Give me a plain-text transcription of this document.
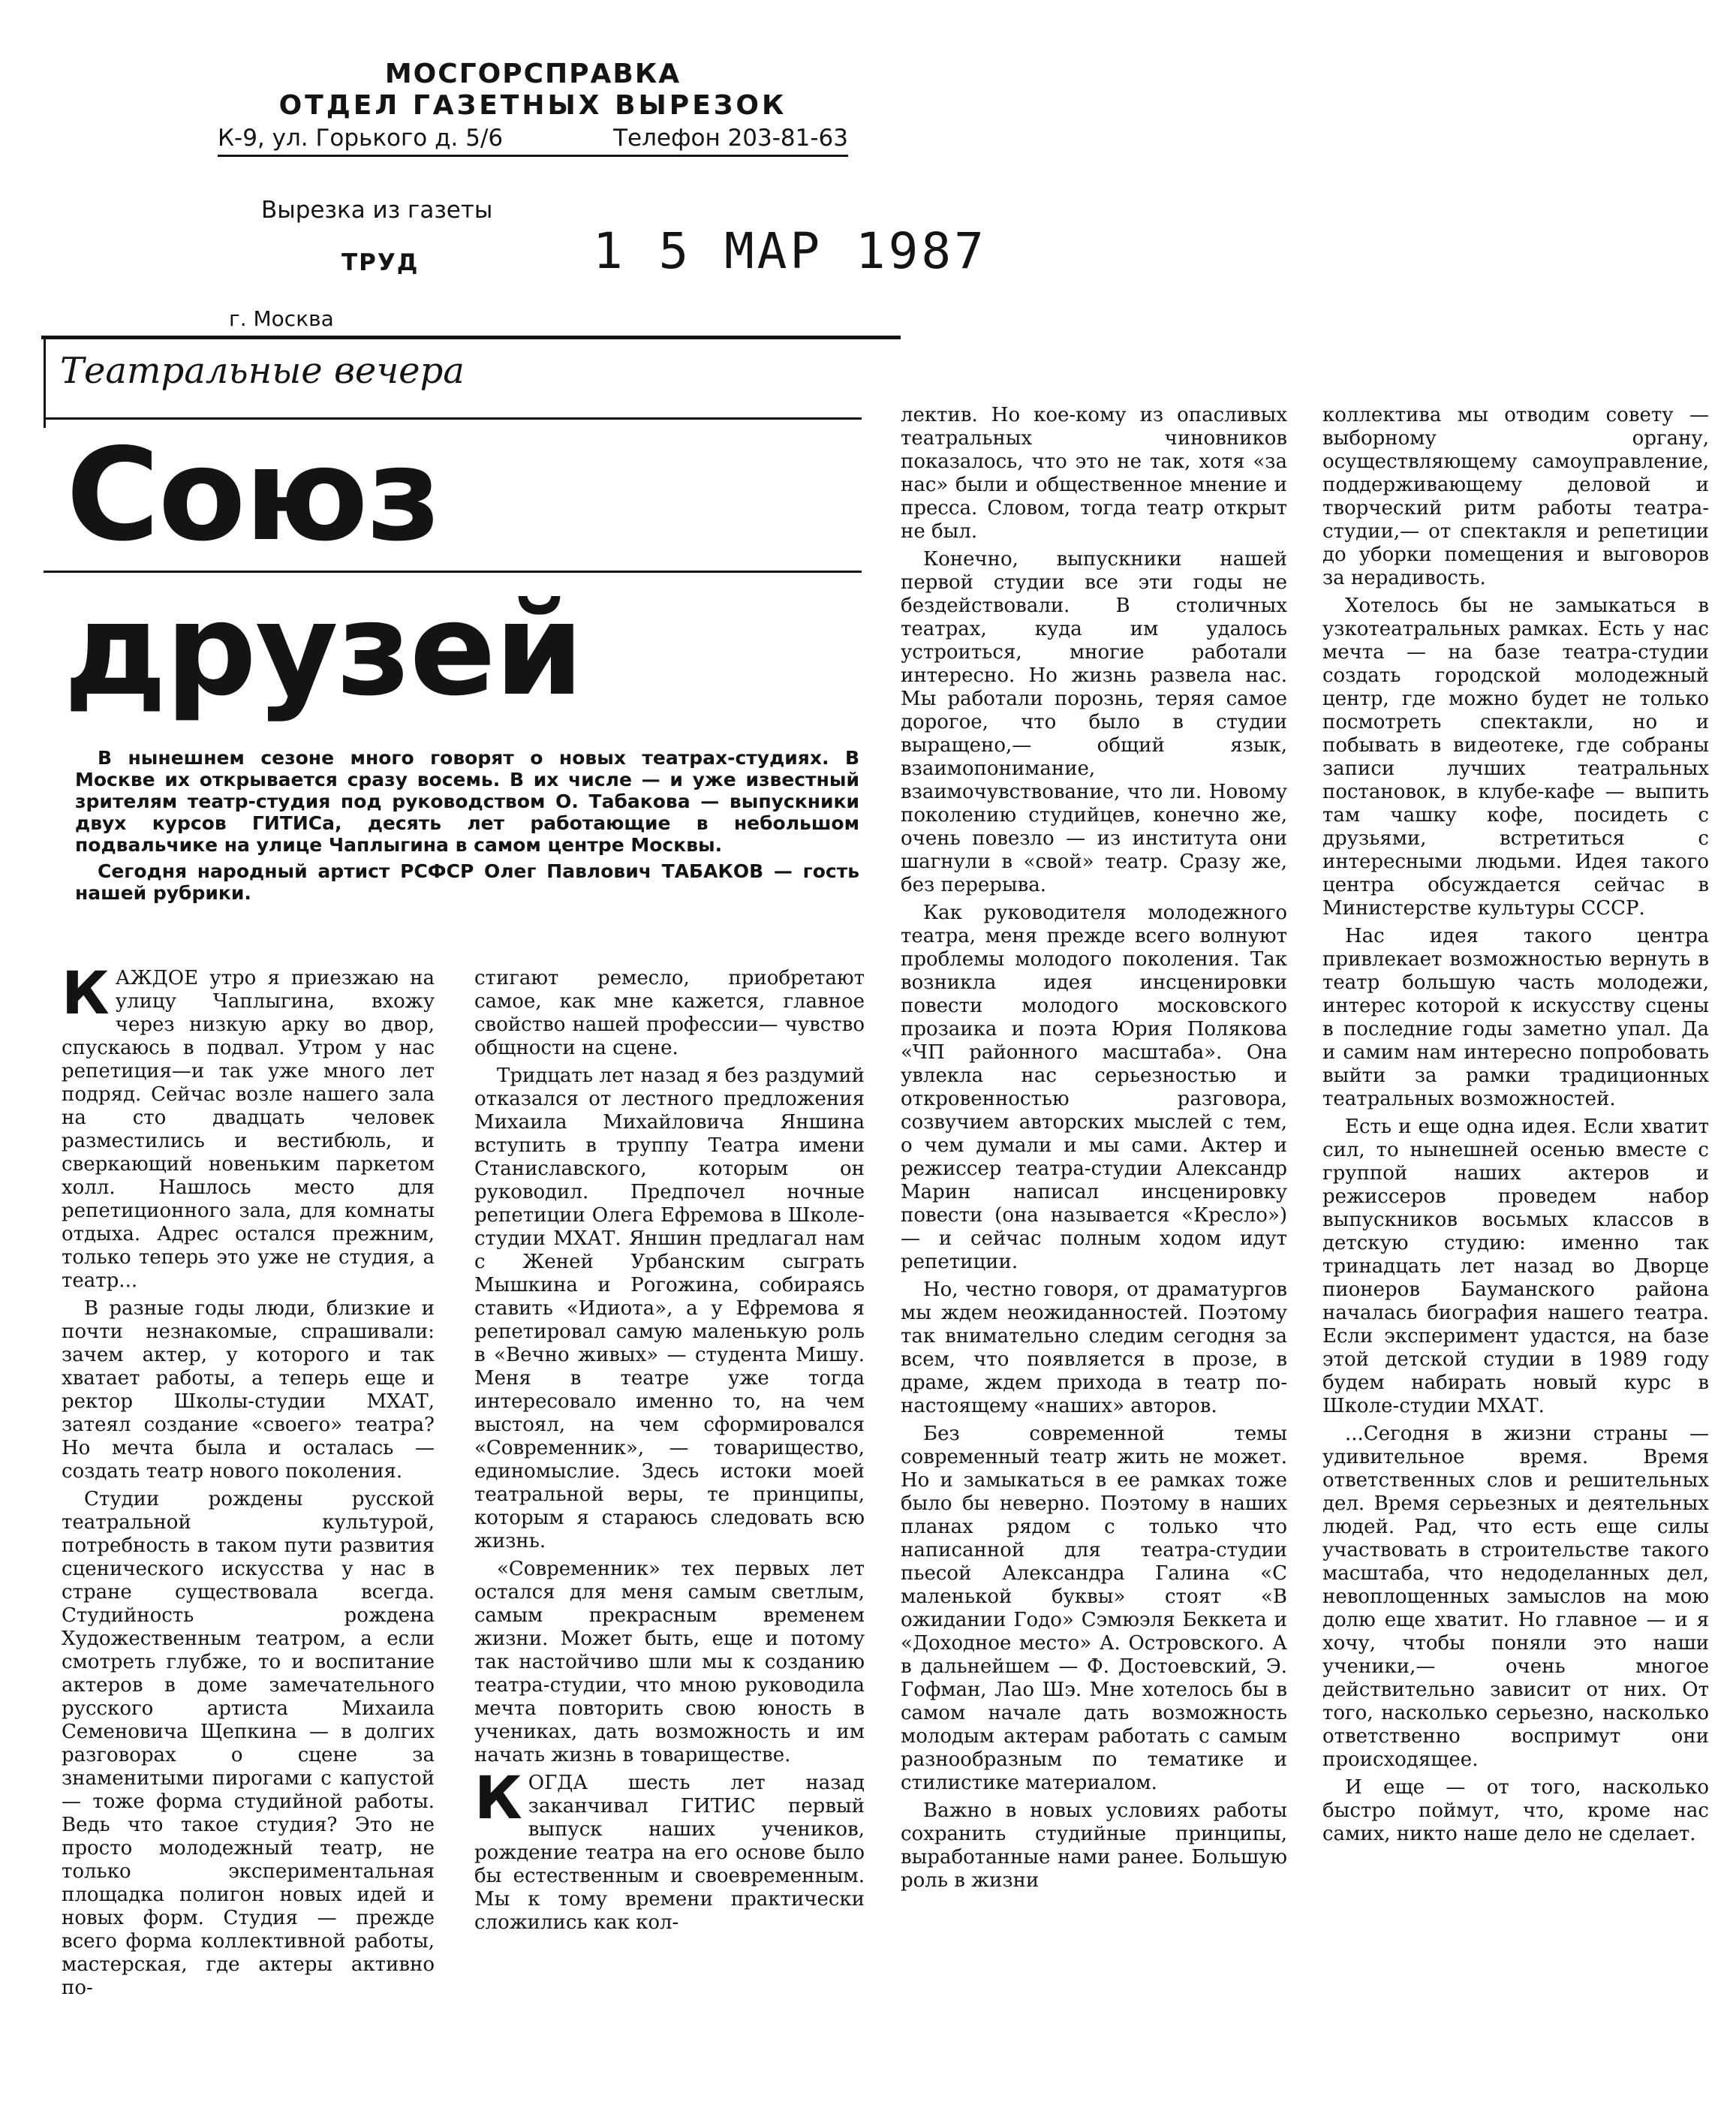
МОСГОРСПРАВКА
ОТДЕЛ ГАЗЕТНЫХ ВЫРЕЗОК
К-9, ул. Горького д. 5/6	Телефон 203-81-63
Вырезка из газеты
ТРУД	1 5 МАР 1987
г. Москва
Театральные вечера
Союз
друзей

В нынешнем сезоне много говорят о новых театрах-студиях. В Москве их открывается сразу восемь. В их числе — и уже известный зрителям театр-студия под руководством О. Табакова — выпускники двух курсов ГИТИСа, десять лет работающие в небольшом подвальчике на улице Чаплыгина в самом центре Москвы.

Сегодня народный артист РСФСР Олег Павлович ТАБАКОВ — гость нашей рубрики.

КАЖДОЕ утро я приезжаю на улицу Чаплыгина, вхожу через низкую арку во двор, спускаюсь в подвал. Утром у нас репетиция—и так уже много лет подряд. Сейчас возле нашего зала на сто двадцать человек разместились и вестибюль, и сверкающий новеньким паркетом холл. Нашлось место для репетиционного зала, для комнаты отдыха. Адрес остался прежним, только теперь это уже не студия, а театр...

В разные годы люди, близкие и почти незнакомые, спрашивали: зачем актер, у которого и так хватает работы, а теперь еще и ректор Школы-студии МХАТ, затеял создание «своего» театра? Но мечта была и осталась — создать театр нового поколения.

Студии рождены русской театральной культурой, потребность в таком пути развития сценического искусства у нас в стране существовала всегда. Студийность рождена Художественным театром, а если смотреть глубже, то и воспитание актеров в доме замечательного русского артиста Михаила Семеновича Щепкина — в долгих разговорах о сцене за знаменитыми пирогами с капустой — тоже форма студийной работы. Ведь что такое студия? Это не просто молодежный театр, не только экспериментальная площадка полигон новых идей и новых форм. Студия — прежде всего форма коллективной работы, мастерская, где актеры активно по-

стигают ремесло, приобретают самое, как мне кажется, главное свойство нашей профессии— чувство общности на сцене.

Тридцать лет назад я без раздумий отказался от лестного предложения Михаила Михайловича Яншина вступить в труппу Театра имени Станиславского, которым он руководил. Предпочел ночные репетиции Олега Ефремова в Школе-студии МХАТ. Яншин предлагал нам с Женей Урбанским сыграть Мышкина и Рогожина, собираясь ставить «Идиота», а у Ефремова я репетировал самую маленькую роль в «Вечно живых» — студента Мишу. Меня в театре уже тогда интересовало именно то, на чем выстоял, на чем сформировался «Современник», — товарищество, единомыслие. Здесь истоки моей театральной веры, те принципы, которым я стараюсь следовать всю жизнь.

«Современник» тех первых лет остался для меня самым светлым, самым прекрасным временем жизни. Может быть, еще и потому так настойчиво шли мы к созданию театра-студии, что мною руководила мечта повторить свою юность в учениках, дать возможность и им начать жизнь в товариществе.

КОГДА шесть лет назад заканчивал ГИТИС первый выпуск наших учеников, рождение театра на его основе было бы естественным и своевременным. Мы к тому времени практически сложились как кол-

лектив. Но кое-кому из опасливых театральных чиновников показалось, что это не так, хотя «за нас» были и общественное мнение и пресса. Словом, тогда театр открыт не был.

Конечно, выпускники нашей первой студии все эти годы не бездействовали. В столичных театрах, куда им удалось устроиться, многие работали интересно. Но жизнь развела нас. Мы работали порознь, теряя самое дорогое, что было в студии выращено,— общий язык, взаимопонимание, взаимочувствование, что ли. Новому поколению студийцев, конечно же, очень повезло — из института они шагнули в «свой» театр. Сразу же, без перерыва.

Как руководителя молодежного театра, меня прежде всего волнуют проблемы молодого поколения. Так возникла идея инсценировки повести молодого московского прозаика и поэта Юрия Полякова «ЧП районного масштаба». Она увлекла нас серьезностью и откровенностью разговора, созвучием авторских мыслей с тем, о чем думали и мы сами. Актер и режиссер театра-студии Александр Марин написал инсценировку повести (она называется «Кресло») — и сейчас полным ходом идут репетиции.

Но, честно говоря, от драматургов мы ждем неожиданностей. Поэтому так внимательно следим сегодня за всем, что появляется в прозе, в драме, ждем прихода в театр по-настоящему «наших» авторов.

Без современной темы современный театр жить не может. Но и замыкаться в ее рамках тоже было бы неверно. Поэтому в наших планах рядом с только что написанной для театра-студии пьесой Александра Галина «С маленькой буквы» стоят «В ожидании Годо» Сэмюэля Беккета и «Доходное место» А. Островского. А в дальнейшем — Ф. Достоевский, Э. Гофман, Лао Шэ. Мне хотелось бы в самом начале дать возможность молодым актерам работать с самым разнообразным по тематике и стилистике материалом.

Важно в новых условиях работы сохранить студийные принципы, выработанные нами ранее. Большую роль в жизни

коллектива мы отводим совету — выборному органу, осуществляющему самоуправление, поддерживающему деловой и творческий ритм работы театра-студии,— от спектакля и репетиции до уборки помещения и выговоров за нерадивость.

Хотелось бы не замыкаться в узкотеатральных рамках. Есть у нас мечта — на базе театра-студии создать городской молодежный центр, где можно будет не только посмотреть спектакли, но и побывать в видеотеке, где собраны записи лучших театральных постановок, в клубе-кафе — выпить там чашку кофе, посидеть с друзьями, встретиться с интересными людьми. Идея такого центра обсуждается сейчас в Министерстве культуры СССР.

Нас идея такого центра привлекает возможностью вернуть в театр большую часть молодежи, интерес которой к искусству сцены в последние годы заметно упал. Да и самим нам интересно попробовать выйти за рамки традиционных театральных возможностей.

Есть и еще одна идея. Если хватит сил, то нынешней осенью вместе с группой наших актеров и режиссеров проведем набор выпускников восьмых классов в детскую студию: именно так тринадцать лет назад во Дворце пионеров Бауманского района началась биография нашего театра. Если эксперимент удастся, на базе этой детской студии в 1989 году будем набирать новый курс в Школе-студии МХАТ.

...Сегодня в жизни страны — удивительное время. Время ответственных слов и решительных дел. Время серьезных и деятельных людей. Рад, что есть еще силы участвовать в строительстве такого масштаба, что недоделанных дел, невоплощенных замыслов на мою долю еще хватит. Но главное — и я хочу, чтобы поняли это наши ученики,— очень многое действительно зависит от них. От того, насколько серьезно, насколько ответственно воспримут они происходящее.

И еще — от того, насколько быстро поймут, что, кроме нас самих, никто наше дело не сделает.
